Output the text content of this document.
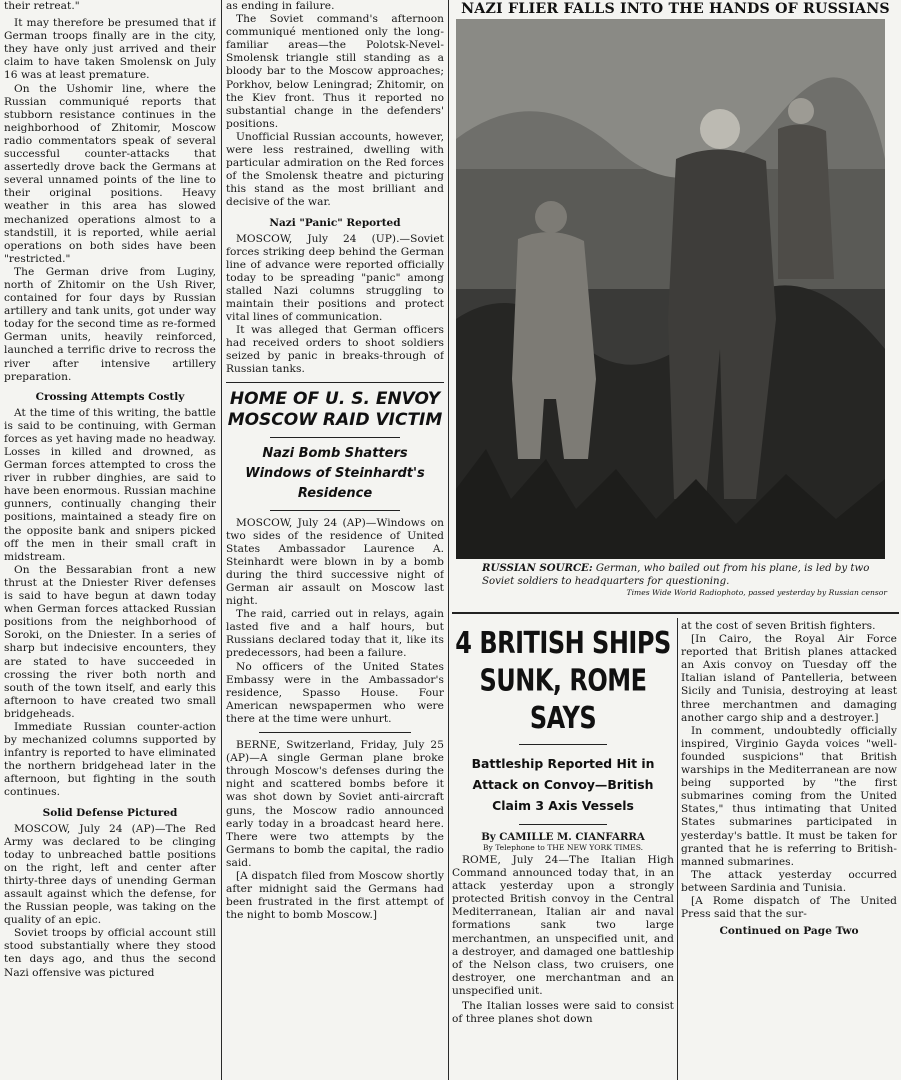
their retreat."

It may therefore be presumed that if German troops finally are in the city, they have only just arrived and their claim to have taken Smolensk on July 16 was at least premature.

On the Ushomir line, where the Russian communiqué reports that stubborn resistance continues in the neighborhood of Zhitomir, Moscow radio commentators speak of several successful counter-attacks that assertedly drove back the Germans at several unnamed points of the line to their original positions. Heavy weather in this area has slowed mechanized operations almost to a standstill, it is reported, while aerial operations on both sides have been "restricted."

The German drive from Luginy, north of Zhitomir on the Ush River, contained for four days by Russian artillery and tank units, got under way today for the second time as re-formed German units, heavily reinforced, launched a terrific drive to recross the river after intensive artillery preparation.

Crossing Attempts Costly

At the time of this writing, the battle is said to be continuing, with German forces as yet having made no headway. Losses in killed and drowned, as German forces attempted to cross the river in rubber dinghies, are said to have been enormous. Russian machine gunners, continually changing their positions, maintained a steady fire on the opposite bank and snipers picked off the men in their small craft in midstream.

On the Bessarabian front a new thrust at the Dniester River defenses is said to have begun at dawn today when German forces attacked Russian positions from the neighborhood of Soroki, on the Dniester. In a series of sharp but indecisive encounters, they are stated to have succeeded in crossing the river both north and south of the town itself, and early this afternoon to have created two small bridgeheads.

Immediate Russian counter-action by mechanized columns supported by infantry is reported to have eliminated the northern bridgehead later in the afternoon, but fighting in the south continues.

Solid Defense Pictured

MOSCOW, July 24 (AP)—The Red Army was declared to be clinging today to unbreached battle positions on the right, left and center after thirty-three days of unending German assault against which the defense, for the Russian people, was taking on the quality of an epic.

Soviet troops by official account still stood substantially where they stood ten days ago, and thus the second Nazi offensive was pictured

as ending in failure.

The Soviet command's afternoon communiqué mentioned only the long-familiar areas—the Polotsk-Nevel-Smolensk triangle still standing as a bloody bar to the Moscow approaches; Porkhov, below Leningrad; Zhitomir, on the Kiev front. Thus it reported no substantial change in the defenders' positions.

Unofficial Russian accounts, however, were less restrained, dwelling with particular admiration on the Red forces of the Smolensk theatre and picturing this stand as the most brilliant and decisive of the war.

Nazi "Panic" Reported

MOSCOW, July 24 (UP).—Soviet forces striking deep behind the German line of advance were reported officially today to be spreading "panic" among stalled Nazi columns struggling to maintain their positions and protect vital lines of communication.

It was alleged that German officers had received orders to shoot soldiers seized by panic in breaks-through of Russian tanks.

HOME OF U. S. ENVOY
MOSCOW RAID VICTIM
Nazi Bomb Shatters Windows of Steinhardt's Residence

MOSCOW, July 24 (AP)—Windows on two sides of the residence of United States Ambassador Laurence A. Steinhardt were blown in by a bomb during the third successive night of German air assault on Moscow last night.

The raid, carried out in relays, again lasted five and a half hours, but Russians declared today that it, like its predecessors, had been a failure.

No officers of the United States Embassy were in the Ambassador's residence, Spasso House. Four American newspapermen who were there at the time were unhurt.

BERNE, Switzerland, Friday, July 25 (AP)—A single German plane broke through Moscow's defenses during the night and scattered bombs before it was shot down by Soviet anti-aircraft guns, the Moscow radio announced early today in a broadcast heard here. There were two attempts by the Germans to bomb the capital, the radio said.

[A dispatch filed from Moscow shortly after midnight said the Germans had been frustrated in the first attempt of the night to bomb Moscow.]

NAZI FLIER FALLS INTO THE HANDS OF RUSSIANS

RUSSIAN SOURCE: German, who bailed out from his plane, is led by two Soviet soldiers to headquarters for questioning.

Times Wide World Radiophoto, passed yesterday by Russian censor

4 BRITISH SHIPS
SUNK, ROME SAYS
Battleship Reported Hit in Attack on Convoy—British Claim 3 Axis Vessels
By CAMILLE M. CIANFARRA
By Telephone to THE NEW YORK TIMES.

ROME, July 24—The Italian High Command announced today that, in an attack yesterday upon a strongly protected British convoy in the Central Mediterranean, Italian air and naval formations sank two large merchantmen, an unspecified unit, and a destroyer, and damaged one battleship of the Nelson class, two cruisers, one destroyer, one merchantman and an unspecified unit.

The Italian losses were said to consist of three planes shot down

at the cost of seven British fighters.

[In Cairo, the Royal Air Force reported that British planes attacked an Axis convoy on Tuesday off the Italian island of Pantelleria, between Sicily and Tunisia, destroying at least three merchantmen and damaging another cargo ship and a destroyer.]

In comment, undoubtedly officially inspired, Virginio Gayda voices "well-founded suspicions" that British warships in the Mediterranean are now being supported by "the first submarines coming from the United States," thus intimating that United States submarines participated in yesterday's battle. It must be taken for granted that he is referring to British-manned submarines.

The attack yesterday occurred between Sardinia and Tunisia.

[A Rome dispatch of The United Press said that the sur-

Continued on Page Two
